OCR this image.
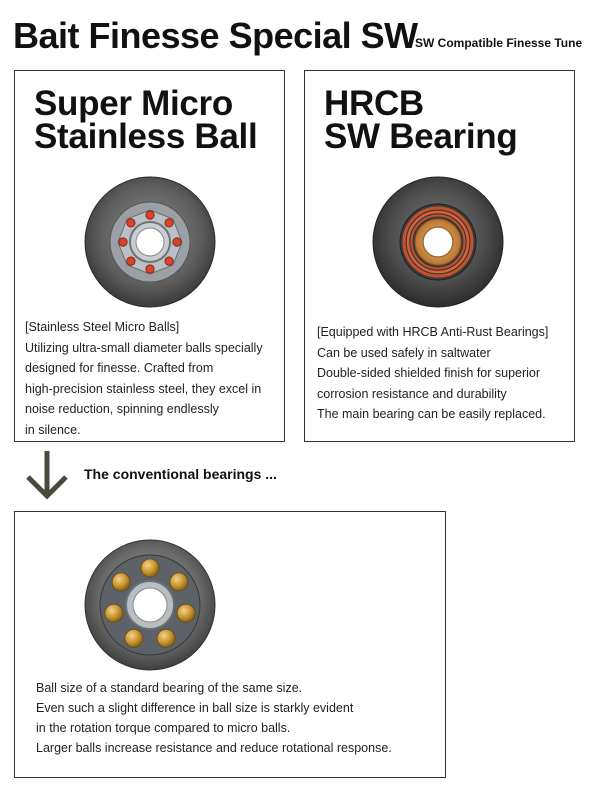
Bait Finesse Special SW
SW Compatible Finesse Tune
Super Micro
Stainless Ball
[Stainless Steel Micro Balls]
Utilizing ultra-small diameter balls specially
designed for finesse. Crafted from
high-precision stainless steel, they excel in
noise reduction, spinning endlessly
in silence.
HRCB
SW Bearing
[Equipped with HRCB Anti-Rust Bearings]
Can be used safely in saltwater
Double-sided shielded finish for superior
corrosion resistance and durability
The main bearing can be easily replaced.
The conventional bearings ...
Ball size of a standard bearing of the same size.
Even such a slight difference in ball size is starkly evident
in the rotation torque compared to micro balls.
Larger balls increase resistance and reduce rotational response.
